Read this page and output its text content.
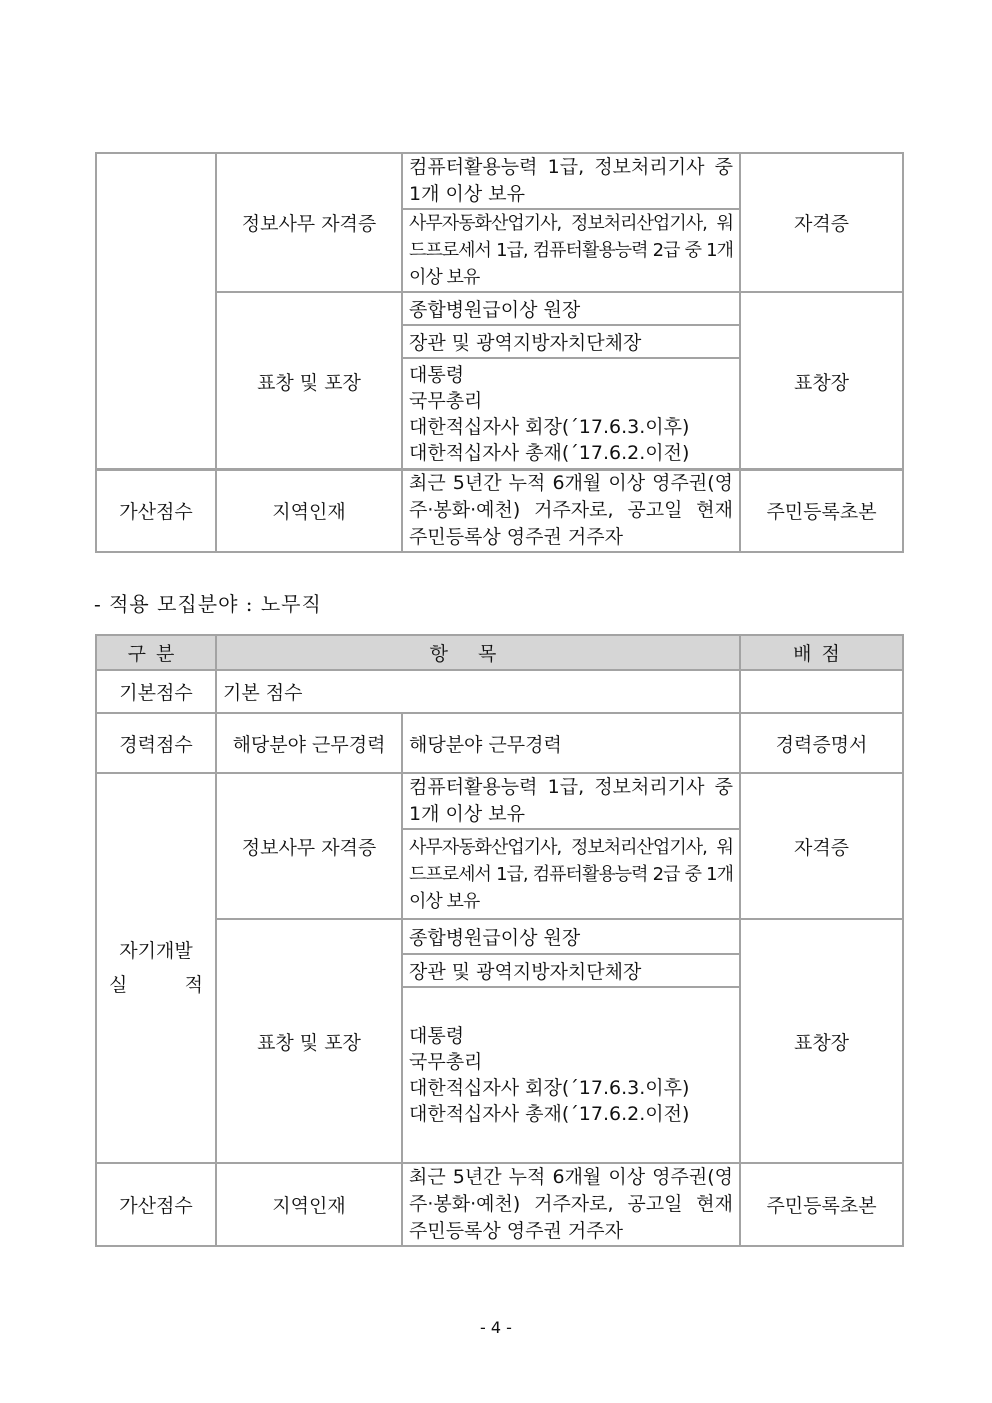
	정보사무 자격증	컴퓨터활용능력 1급, 정보처리기사 중 1개 이상 보유	자격증
		사무자동화산업기사, 정보처리산업기사, 워드프로세서 1급, 컴퓨터활용능력 2급 중 1개 이상 보유	
	표창 및 포장	종합병원급이상 원장	표창장
		장관 및 광역지방자치단체장	

		대통령
국무총리
대한적십자사 회장(´17.6.3.이후)
대한적십자사 총재(´17.6.2.이전)	
가산점수	지역인재	최근 5년간 누적 6개월 이상 영주권(영주·봉화·예천) 거주자로, 공고일 현재 주민등록상 영주권 거주자	주민등록초본

- 적용 모집분야 : 노무직

구분	항목		배점
기본점수	기본 점수		
경력점수	해당분야 근무경력	해당분야 근무경력	경력증명서

자기개발
실 적	정보사무 자격증	컴퓨터활용능력 1급, 정보처리기사 중 1개 이상 보유	자격증
		사무자동화산업기사, 정보처리산업기사, 워드프로세서 1급, 컴퓨터활용능력 2급 중 1개 이상 보유	
	표창 및 포장	종합병원급이상 원장	표창장
		장관 및 광역지방자치단체장	

		대통령
국무총리
대한적십자사 회장(´17.6.3.이후)
대한적십자사 총재(´17.6.2.이전)	

가산점수	지역인재	최근 5년간 누적 6개월 이상 영주권(영주·봉화·예천) 거주자로, 공고일 현재 주민등록상 영주권 거주자	주민등록초본

- 4 -
